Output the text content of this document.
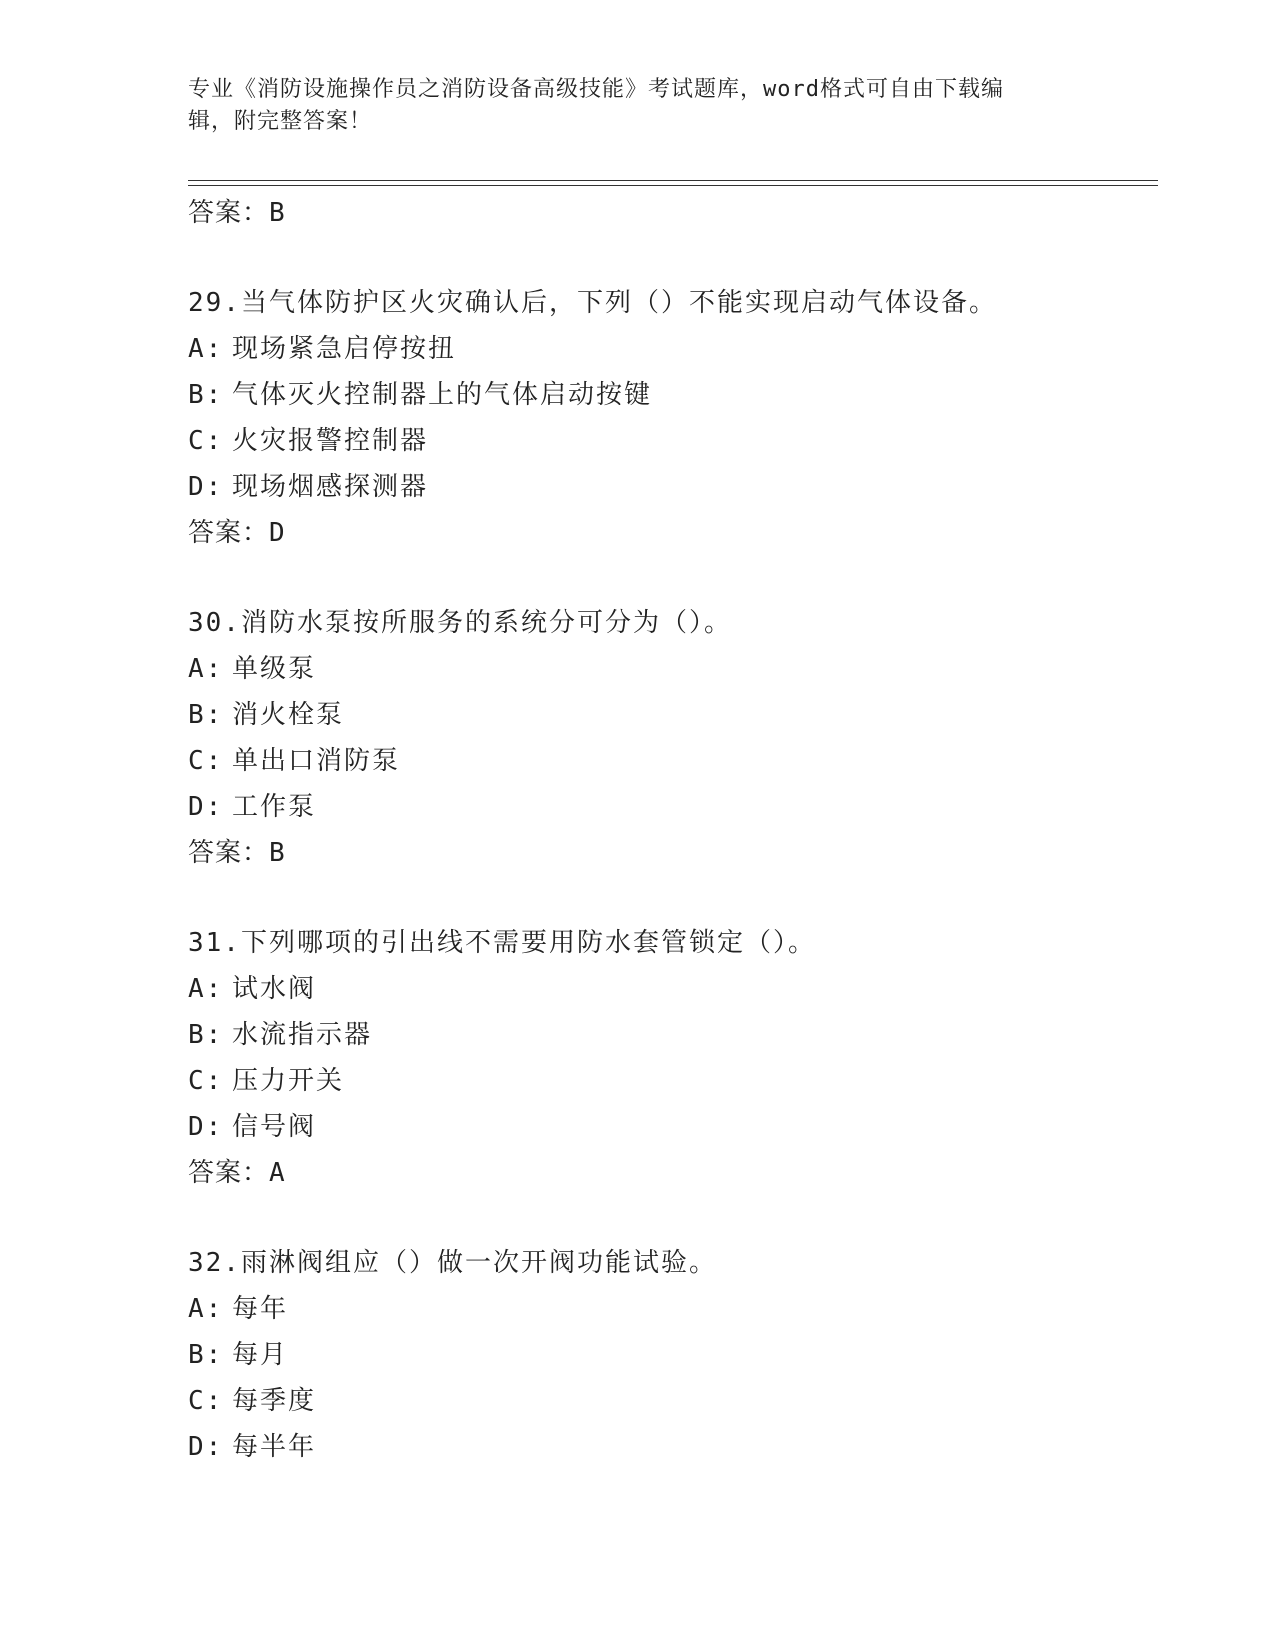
专业《消防设施操作员之消防设备高级技能》考试题库，word格式可自由下载编
辑，附完整答案！
答案：B
29.当气体防护区火灾确认后，下列（）不能实现启动气体设备。
A: 现场紧急启停按扭
B: 气体灭火控制器上的气体启动按键
C: 火灾报警控制器
D: 现场烟感探测器
答案：D
30.消防水泵按所服务的系统分可分为（）。
A: 单级泵
B: 消火栓泵
C: 单出口消防泵
D: 工作泵
答案：B
31.下列哪项的引出线不需要用防水套管锁定（）。
A: 试水阀
B: 水流指示器
C: 压力开关
D: 信号阀
答案：A
32.雨淋阀组应（）做一次开阀功能试验。
A: 每年
B: 每月
C: 每季度
D: 每半年
